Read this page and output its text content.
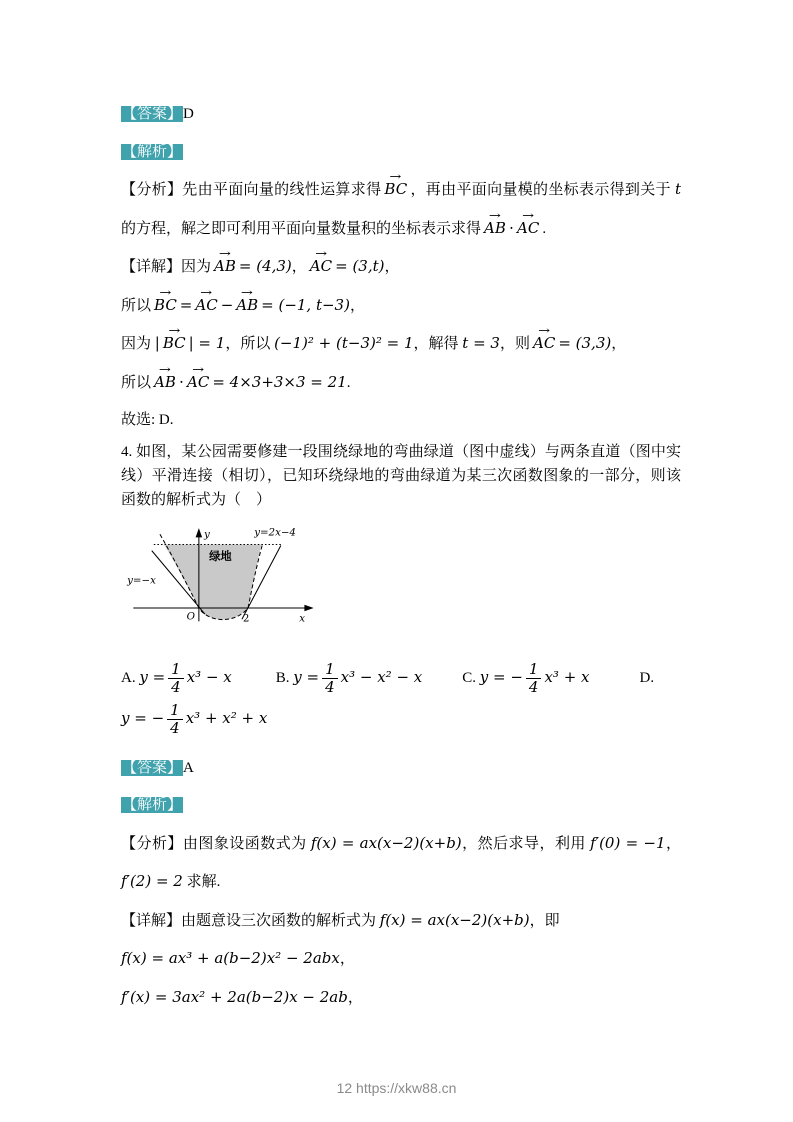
【答案】D
【解析】
【分析】先由平面向量的线性运算求得
→
BC ，再由平面向量模的坐标表示得到关于 t 的方程，解之即可利用平面向量数量积的坐标表示求得
→
AB ⋅
→
AC .
【详解】因为
→
AB = (4,3)，
→
AC = (3,t)，
所以
→
BC =
→
AC −
→
AB = (−1, t−3)，
因为 |
→
BC | = 1，所以 (−1)² + (t−3)² = 1，解得 t = 3，则
→
AC = (3,3)，
所以
→
AB ⋅
→
AC = 4×3+3×3 = 21.
故选: D.
4. 如图，某公园需要修建一段围绕绿地的弯曲绿道（图中虚线）与两条直道（图中实线）平滑连接（相切），已知环绕绿地的弯曲绿道为某三次函数图象的一部分，则该函数的解析式为（　）
y
x
O	2
y=2x−4
y=−x
绿地
A. $y = \frac{1}{4} x^3 - x$	B. $y = \frac{1}{4} x^3 - x^2 - x$	C. y = − $\frac{1}{4} x^3 + x$	D.
y = − $\frac{1}{4} x^3 + x^2 + x$
【答案】A
【解析】
【分析】由图象设函数式为 f(x) = ax(x−2)(x+b)，然后求导，利用 f′(0) = −1，f′(2) = 2 求解.
【详解】由题意设三次函数的解析式为 f(x) = ax(x−2)(x+b)，即
f(x) = ax³ + a(b−2)x² − 2abx，
f′(x) = 3ax² + 2a(b−2)x − 2ab，
12 https://xkw88.cn
